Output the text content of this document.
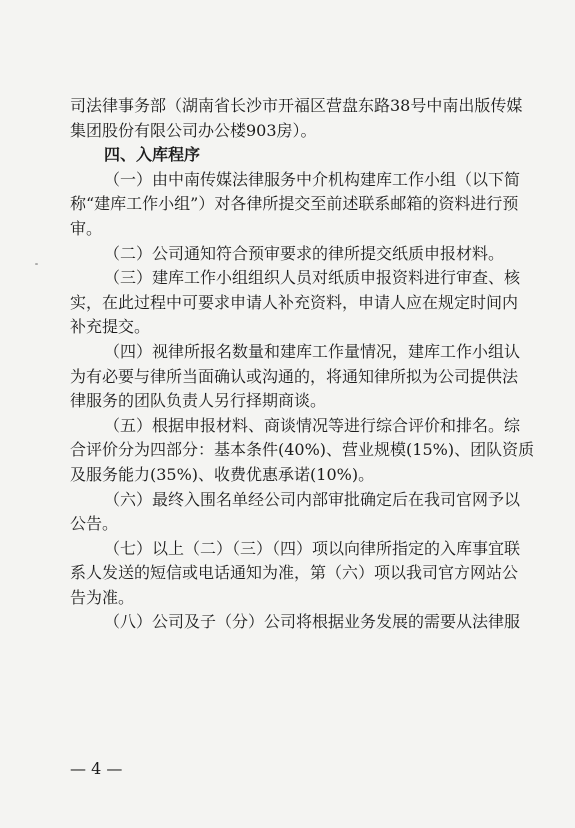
司法律事务部（湖南省长沙市开福区营盘东路38号中南出版传媒
集团股份有限公司办公楼903房）。
四、入库程序
（一）由中南传媒法律服务中介机构建库工作小组（以下简
称“建库工作小组”）对各律所提交至前述联系邮箱的资料进行预
审。
（二）公司通知符合预审要求的律所提交纸质申报材料。
（三）建库工作小组组织人员对纸质申报资料进行审查、核
实，在此过程中可要求申请人补充资料，申请人应在规定时间内
补充提交。
（四）视律所报名数量和建库工作量情况，建库工作小组认
为有必要与律所当面确认或沟通的，将通知律所拟为公司提供法
律服务的团队负责人另行择期商谈。
（五）根据申报材料、商谈情况等进行综合评价和排名。综
合评价分为四部分：基本条件(40%)、营业规模(15%)、团队资质
及服务能力(35%)、收费优惠承诺(10%)。
（六）最终入围名单经公司内部审批确定后在我司官网予以
公告。
（七）以上（二）（三）（四）项以向律所指定的入库事宜联
系人发送的短信或电话通知为准，第（六）项以我司官方网站公
告为准。
（八）公司及子（分）公司将根据业务发展的需要从法律服
— 4 —
